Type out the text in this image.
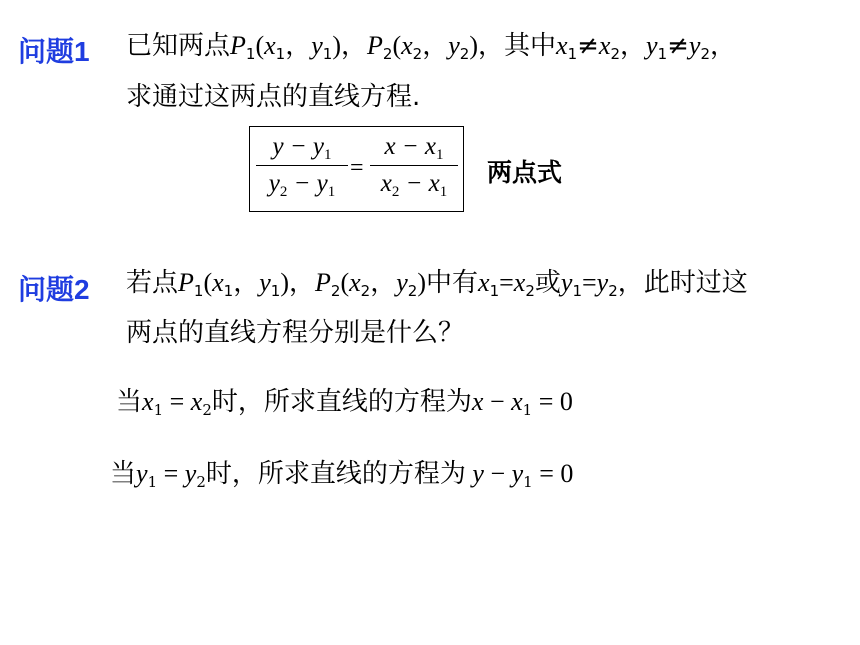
问题1 已知两点$P_1(x_1$，$y_1$)，$P_2(x_2$，$y_2$)，其中$x_1\ne x_2$，$y_1\ne y_2$，
求通过这两点的直线方程.
$y - y_1$
$y_2 - y_1$
=
$x - x_1$
$x_2 - x_1$
两点式
问题2 若点$P_1(x_1$，$y_1$)，$P_2(x_2$，$y_2$)中有$x_1=x_2$或$y_1=y_2$，此时过这
两点的直线方程分别是什么？
当$x_1 = x_2$时，所求直线的方程为$x - x_1 = 0$
当$y_1 = y_2$时，所求直线的方程为 $y - y_1 = 0$
